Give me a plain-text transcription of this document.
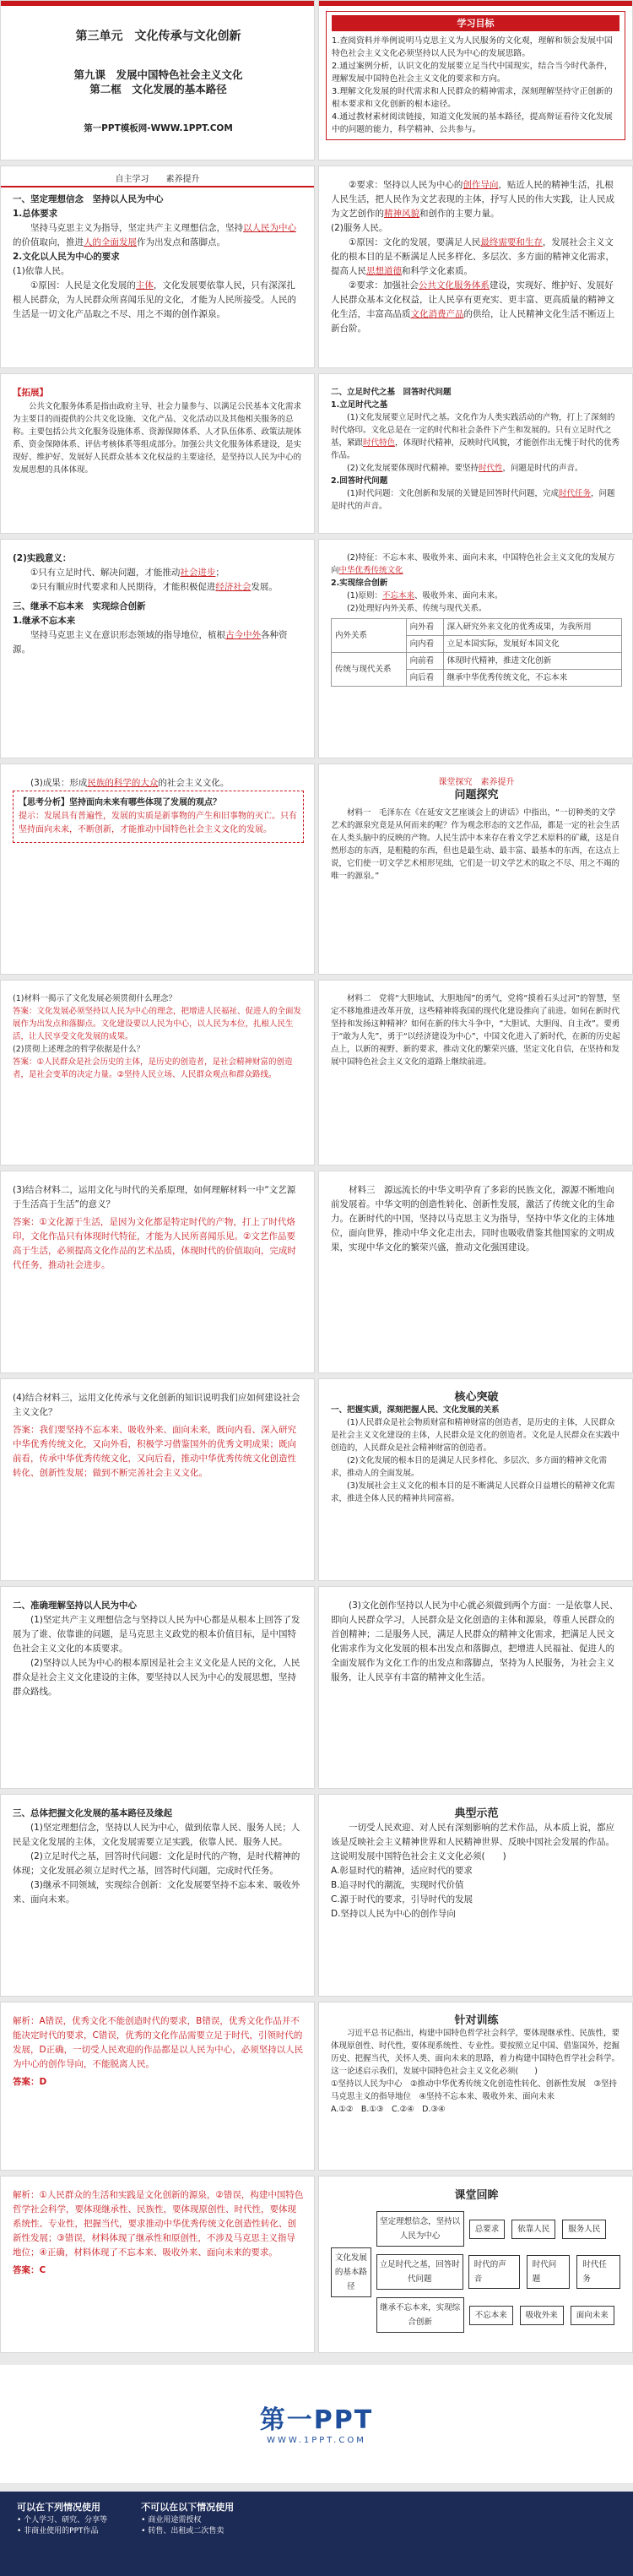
第三单元　文化传承与文化创新

第九课　发展中国特色社会主义文化

第二框　文化发展的基本路径

第一PPT模板网-WWW.1PPT.COM

学习目标

1.查阅资料并举例说明马克思主义为人民服务的文化观，理解和领会发展中国特色社会主义文化必须坚持以人民为中心的发展思路。
2.通过案例分析，认识文化的发展要立足当代中国现实，结合当今时代条件，理解发展中国特色社会主义文化的要求和方向。
3.理解文化发展的时代需求和人民群众的精神需求，深刻理解坚持守正创新的根本要求和文化创新的根本途径。
4.通过教材素材阅读链接，知道文化发展的基本路径，提高辩证看待文化发展中的问题的能力，科学精神、公共参与。
自主学习 素养提升
一、坚定理想信念　坚持以人民为中心
1.总体要求

坚持马克思主义为指导，坚定共产主义理想信念，坚持以人民为中心的价值取向，推进人的全面发展作为出发点和落脚点。

2.文化以人民为中心的要求
(1)依靠人民。

①原因：人民是文化发展的主体，文化发展要依靠人民，只有深深扎根人民群众，为人民群众所喜闻乐见的文化，才能为人民所接受。人民的生活是一切文化产品取之不尽、用之不竭的创作源泉。

②要求：坚持以人民为中心的创作导向，贴近人民的精神生活，扎根人民生活，把人民作为文艺表现的主体，抒写人民的伟大实践，让人民成为文艺创作的精神风貌和创作的主要力量。

(2)服务人民。

①原因：文化的发展，要满足人民最终需要和生存，发展社会主义文化的根本目的是不断满足人民多样化、多层次、多方面的精神文化需求，提高人民思想道德和科学文化素质。

②要求：加强社会公共文化服务体系建设，实现好、维护好、发展好人民群众基本文化权益，让人民享有更充实、更丰富、更高质量的精神文化生活，丰富高品质文化消费产品的供给，让人民精神文化生活不断迈上新台阶。

【拓展】

公共文化服务体系是指由政府主导、社会力量参与、以满足公民基本文化需求为主要目的而提供的公共文化设施、文化产品、文化活动以及其他相关服务的总称。主要包括公共文化服务设施体系、资源保障体系、人才队伍体系、政策法规体系、资金保障体系、评估考核体系等组成部分。加强公共文化服务体系建设，是实现好、维护好、发展好人民群众基本文化权益的主要途径，是坚持以人民为中心的发展思想的具体体现。

二、立足时代之基　回答时代问题
1.立足时代之基

(1)文化发展要立足时代之基。文化作为人类实践活动的产物，打上了深刻的时代烙印。文化总是在一定的时代和社会条件下产生和发展的。只有立足时代之基，紧跟时代特色，体现时代精神，反映时代风貌，才能创作出无愧于时代的优秀作品。

(2)文化发展要体现时代精神。要坚持时代性，问题是时代的声音。

2.回答时代问题

(1)时代问题：文化创新和发展的关键是回答时代问题，完成时代任务，问题是时代的声音。

(2)实践意义：

①只有立足时代、解决问题，才能推动社会进步；

②只有顺应时代要求和人民期待，才能积极促进经济社会发展。

三、继承不忘本来　实现综合创新
1.继承不忘本来

坚持马克思主义在意识形态领域的指导地位，植根古今中外各种资源。

(2)特征：不忘本来、吸收外来、面向未来，中国特色社会主义文化的发展方向中华优秀传统文化

2.实现综合创新

(1)原则：不忘本来、吸收外来、面向未来。

(2)处理好内外关系、传统与现代关系。

内外关系	向外看	深入研究外来文化的优秀成果，为我所用
	向内看	立足本国实际，发展好本国文化
传统与现代关系	向前看	体现时代精神，推进文化创新
	向后看	继承中华优秀传统文化，不忘本来

(3)成果：形成民族的科学的大众的社会主义文化。

【思考分析】坚持面向未来有哪些体现了发展的观点？
提示：发展具有普遍性，发展的实质是新事物的产生和旧事物的灭亡。只有坚持面向未来，不断创新，才能推动中国特色社会主义文化的发展。
课堂探究　素养提升
问题探究

材料一　毛泽东在《在延安文艺座谈会上的讲话》中指出，“一切种类的文学艺术的源泉究竟是从何而来的呢？作为观念形态的文艺作品，都是一定的社会生活在人类头脑中的反映的产物。人民生活中本来存在着文学艺术原料的矿藏，这是自然形态的东西，是粗糙的东西，但也是最生动、最丰富、最基本的东西，在这点上说，它们使一切文学艺术相形见绌，它们是一切文学艺术的取之不尽、用之不竭的唯一的源泉。”

(1)材料一揭示了文化发展必须贯彻什么理念？
答案：文化发展必须坚持以人民为中心的理念，把增进人民福祉、促进人的全面发展作为出发点和落脚点。文化建设要以人民为中心，以人民为本位，扎根人民生活，让人民享受文化发展的成果。
(2)贯彻上述理念的哲学依据是什么？
答案：①人民群众是社会历史的主体，是历史的创造者，是社会精神财富的创造者，是社会变革的决定力量。②坚持人民立场、人民群众观点和群众路线。

材料二　党将“大胆地试、大胆地闯”的勇气，党将“摸着石头过河”的智慧，坚定不移地推进改革开放，这些精神将我国的现代化建设推向了前进。如何在新时代坚持和发扬这种精神？如何在新的伟大斗争中，“大胆试、大胆闯、自主改”。要勇于“敢为人先”，勇于“以经济建设为中心”，中国文化进入了新时代，在新的历史起点上，以新的视野、新的要求，推动文化的繁荣兴盛，坚定文化自信，在坚持和发展中国特色社会主义文化的道路上继续前进。

(3)结合材料二，运用文化与时代的关系原理，如何理解材料一中“文艺源于生活高于生活”的意义？
答案：①文化源于生活，是因为文化都是特定时代的产物，打上了时代烙印，文化作品只有体现时代特征，才能为人民所喜闻乐见。②文艺作品要高于生活，必须提高文化作品的艺术品质，体现时代的价值取向，完成时代任务，推动社会进步。

材料三　源远流长的中华文明孕育了多彩的民族文化，源源不断地向前发展着。中华文明的创造性转化、创新性发展，激活了传统文化的生命力。在新时代的中国，坚持以马克思主义为指导，坚持中华文化的主体地位，面向世界，推动中华文化走出去，同时也吸收借鉴其他国家的文明成果，实现中华文化的繁荣兴盛，推动文化强国建设。

(4)结合材料三，运用文化传承与文化创新的知识说明我们应如何建设社会主义文化？
答案：我们要坚持不忘本来、吸收外来、面向未来，既向内看、深入研究中华优秀传统文化，又向外看，积极学习借鉴国外的优秀文明成果；既向前看，传承中华优秀传统文化，又向后看，推动中华优秀传统文化创造性转化、创新性发展；做到不断完善社会主义文化。
核心突破
一、把握实质，深刻把握人民、文化发展的关系

(1)人民群众是社会物质财富和精神财富的创造者，是历史的主体，人民群众是社会主义文化建设的主体，人民群众是文化的创造者。文化是人民群众在实践中创造的，人民群众是社会精神财富的创造者。

(2)文化发展的根本目的是满足人民多样化、多层次、多方面的精神文化需求，推动人的全面发展。

(3)发展社会主义文化的根本目的是不断满足人民群众日益增长的精神文化需求，推进全体人民的精神共同富裕。

二、准确理解坚持以人民为中心

(1)坚定共产主义理想信念与坚持以人民为中心都是从根本上回答了发展为了谁、依靠谁的问题，是马克思主义政党的根本价值目标，是中国特色社会主义文化的本质要求。

(2)坚持以人民为中心的根本原因是社会主义文化是人民的文化，人民群众是社会主义文化建设的主体，要坚持以人民为中心的发展思想，坚持群众路线。

(3)文化创作坚持以人民为中心就必须做到两个方面：一是依靠人民、即向人民群众学习，人民群众是文化创造的主体和源泉，尊重人民群众的首创精神；二是服务人民，满足人民群众的精神文化需求，把满足人民文化需求作为文化发展的根本出发点和落脚点，把增进人民福祉、促进人的全面发展作为文化工作的出发点和落脚点，坚持为人民服务，为社会主义服务，让人民享有丰富的精神文化生活。

三、总体把握文化发展的基本路径及缘起

(1)坚定理想信念，坚持以人民为中心，做到依靠人民、服务人民；人民是文化发展的主体，文化发展需要立足实践，依靠人民、服务人民。

(2)立足时代之基，回答时代问题：文化是时代的产物，是时代精神的体现；文化发展必须立足时代之基，回答时代问题，完成时代任务。

(3)继承不同领域，实现综合创新：文化发展要坚持不忘本来、吸收外来、面向未来。

典型示范

一切受人民欢迎、对人民有深刻影响的艺术作品，从本质上说，都应该是反映社会主义精神世界和人民精神世界、反映中国社会发展的作品。这说明发展中国特色社会主义文化必须(　　)

A.彰显时代的精神，适应时代的要求
B.追寻时代的潮流，实现时代价值
C.源于时代的要求，引导时代的发展
D.坚持以人民为中心的创作导向
解析：A错误，优秀文化不能创造时代的要求，B错误，优秀文化作品并不能决定时代的要求，C错误，优秀的文化作品需要立足于时代，引领时代的发展，D正确，一切受人民欢迎的作品都是以人民为中心，必须坚持以人民为中心的创作导向，不能脱离人民。
答案：D
针对训练

习近平总书记指出，构建中国特色哲学社会科学，要体现继承性、民族性，要体现原创性、时代性，要体现系统性、专业性。要按照立足中国、借鉴国外，挖掘历史、把握当代，关怀人类、面向未来的思路，着力构建中国特色哲学社会科学。这一论述启示我们，发展中国特色社会主义文化必须(　　)

①坚持以人民为中心　②推动中华优秀传统文化创造性转化、创新性发展　③坚持马克思主义的指导地位　④坚持不忘本来、吸收外来、面向未来
A.①②　B.①③　C.②④　D.③④
解析：①人民群众的生活和实践是文化创新的源泉，②错误，构建中国特色哲学社会科学，要体现继承性、民族性，要体现原创性、时代性，要体现系统性、专业性，把握当代，要求推动中华优秀传统文化创造性转化、创新性发展；③错误，材料体现了继承性和原创性，不涉及马克思主义指导地位；④正确，材料体现了不忘本来、吸收外来、面向未来的要求。
答案：C
课堂回眸
文化发展的基本路径
坚定理想信念，坚持以人民为中心
总要求	依靠人民	服务人民
立足时代之基，回答时代问题
时代的声音
时代问题
时代任务
继承不忘本来，实现综合创新
不忘本来	吸收外来	面向未来
第一PPT
WWW.1PPT.COM
可以在下列情况使用
• 个人学习、研究、分享等
• 非商业使用的PPT作品
不可以在以下情况使用
• 商业用途需授权
• 转售、出租或二次售卖
